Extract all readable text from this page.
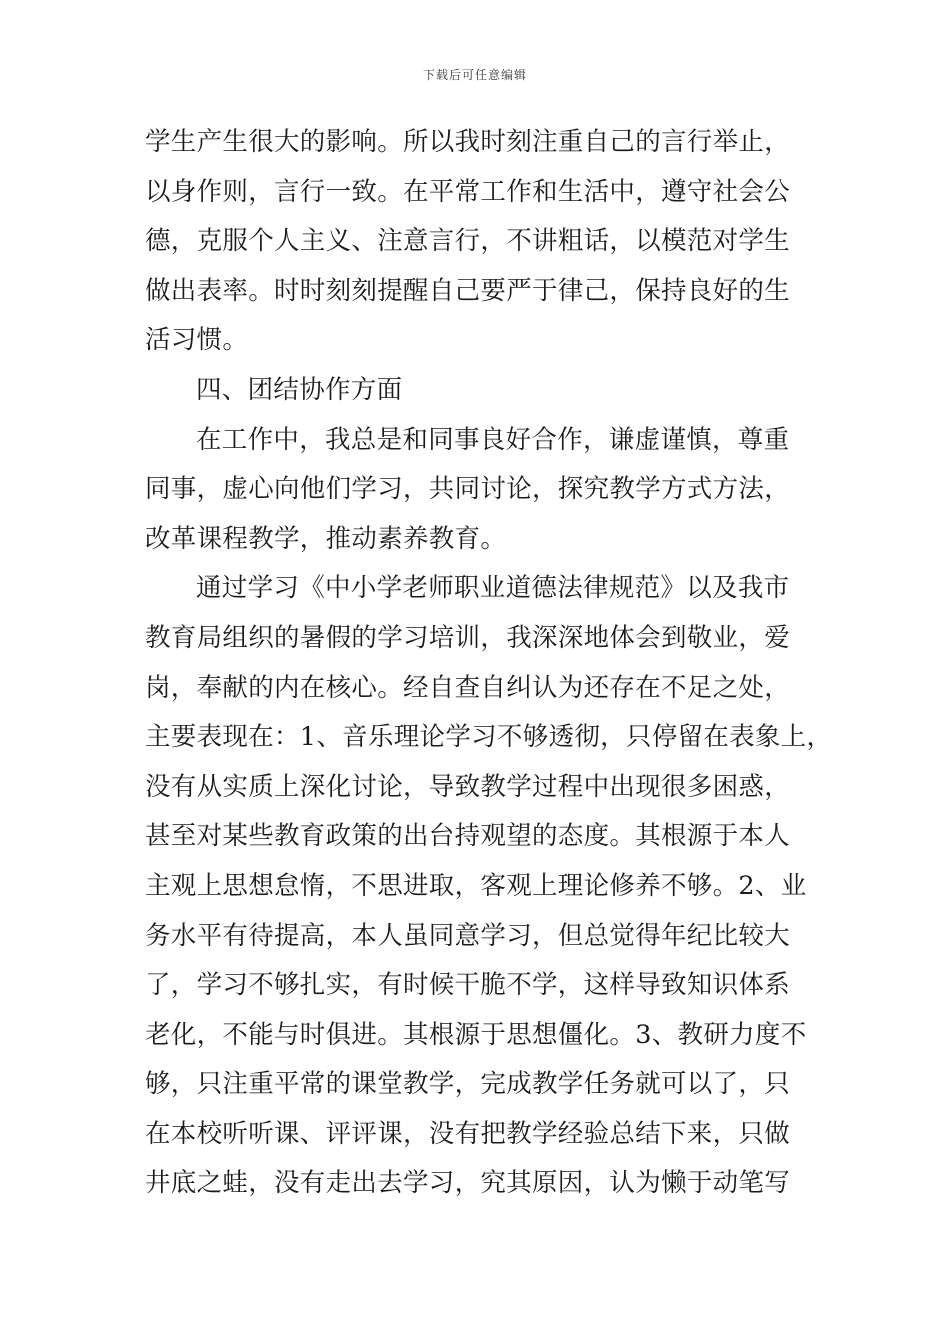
下载后可任意编辑
学生产生很大的影响。所以我时刻注重自己的言行举止，
以身作则，言行一致。在平常工作和生活中，遵守社会公
德，克服个人主义、注意言行，不讲粗话，以模范对学生
做出表率。时时刻刻提醒自己要严于律己，保持良好的生
活习惯。
四、团结协作方面
在工作中，我总是和同事良好合作，谦虚谨慎，尊重
同事，虚心向他们学习，共同讨论，探究教学方式方法，
改革课程教学，推动素养教育。
通过学习《中小学老师职业道德法律规范》以及我市
教育局组织的暑假的学习培训，我深深地体会到敬业，爱
岗，奉献的内在核心。经自查自纠认为还存在不足之处，
主要表现在：1、音乐理论学习不够透彻，只停留在表象上，
没有从实质上深化讨论，导致教学过程中出现很多困惑，
甚至对某些教育政策的出台持观望的态度。其根源于本人
主观上思想怠惰，不思进取，客观上理论修养不够。2、业
务水平有待提高，本人虽同意学习，但总觉得年纪比较大
了，学习不够扎实，有时候干脆不学，这样导致知识体系
老化，不能与时俱进。其根源于思想僵化。3、教研力度不
够，只注重平常的课堂教学，完成教学任务就可以了，只
在本校听听课、评评课，没有把教学经验总结下来，只做
井底之蛙，没有走出去学习，究其原因，认为懒于动笔写
